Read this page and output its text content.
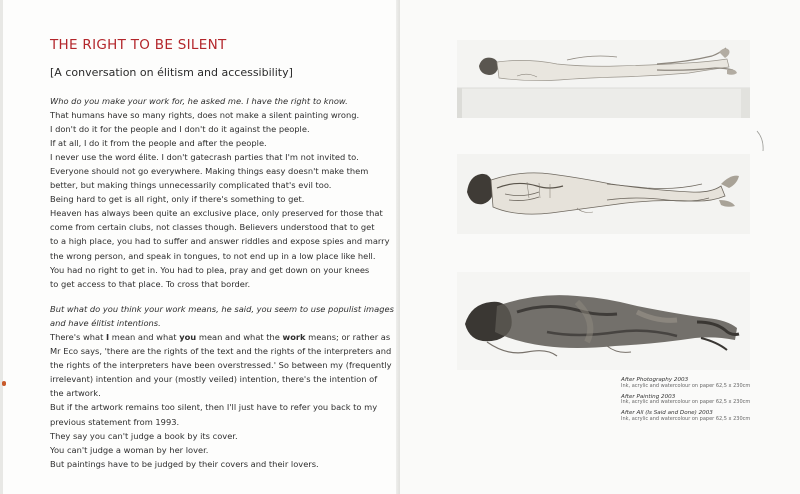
THE RIGHT TO BE SILENT
[A conversation on élitism and accessibility]
Who do you make your work for, he asked me. I have the right to know.
That humans have so many rights, does not make a silent painting wrong.
I don't do it for the people and I don't do it against the people.
If at all, I do it from the people and after the people.
I never use the word élite. I don't gatecrash parties that I'm not invited to.
Everyone should not go everywhere. Making things easy doesn't make them
better, but making things unnecessarily complicated that's evil too.
Being hard to get is all right, only if there's something to get.
Heaven has always been quite an exclusive place, only preserved for those that
come from certain clubs, not classes though. Believers understood that to get
to a high place, you had to suffer and answer riddles and expose spies and marry
the wrong person, and speak in tongues, to not end up in a low place like hell.
You had no right to get in. You had to plea, pray and get down on your knees
to get access to that place. To cross that border.
But what do you think your work means, he said, you seem to use populist images
and have élitist intentions.
There's what I mean and what you mean and what the work means; or rather as
Mr Eco says, 'there are the rights of the text and the rights of the interpreters and
the rights of the interpreters have been overstressed.' So between my (frequently
irrelevant) intention and your (mostly veiled) intention, there's the intention of
the artwork.
But if the artwork remains too silent, then I'll just have to refer you back to my
previous statement from 1993.
They say you can't judge a book by its cover.
You can't judge a woman by her lover.
But paintings have to be judged by their covers and their lovers.
After Photography 2003
Ink, acrylic and watercolour on paper 62,5 x 230cm
After Painting 2003
Ink, acrylic and watercolour on paper 62,5 x 230cm
After All (Is Said and Done) 2003
Ink, acrylic and watercolour on paper 62,5 x 230cm
